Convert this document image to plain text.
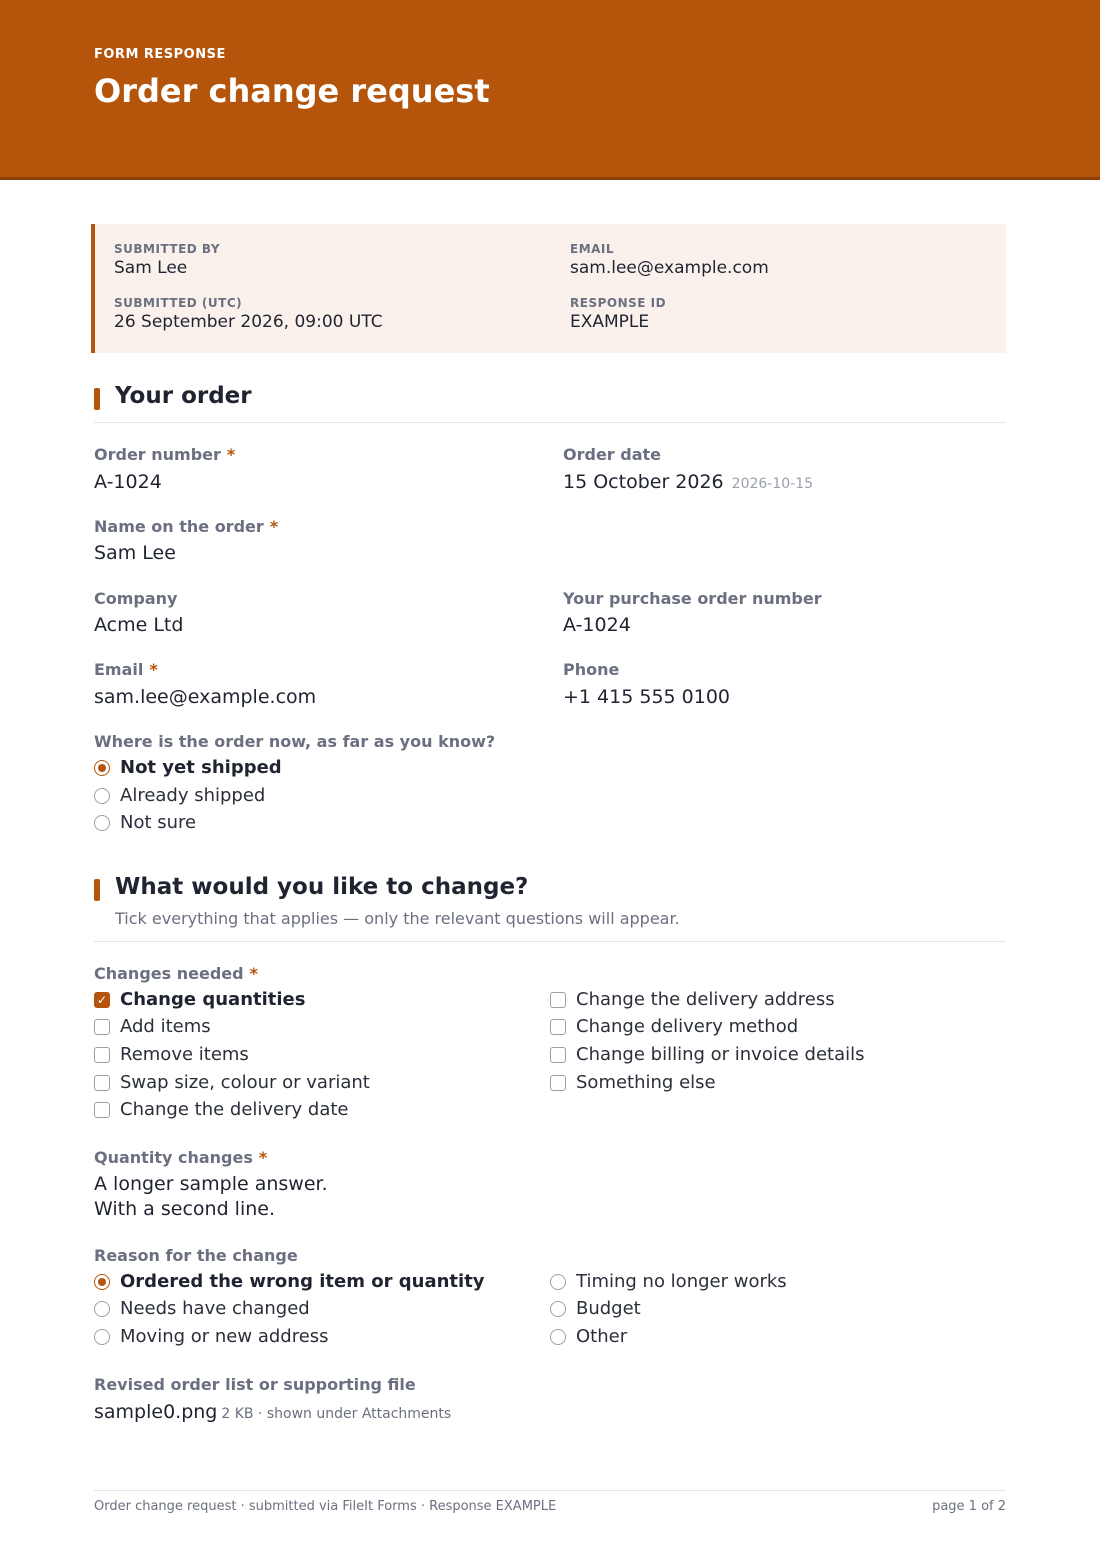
FORM RESPONSE
Order change request
SUBMITTED BY
Sam Lee
EMAIL
sam.lee@example.com
SUBMITTED (UTC)
26 September 2026, 09:00 UTC
RESPONSE ID
EXAMPLE
Your order
Order number *
A-1024
Order date
15 October 2026 2026-10-15
Name on the order *
Sam Lee
Company
Acme Ltd
Your purchase order number
A-1024
Email *
sam.lee@example.com
Phone
+1 415 555 0100
Where is the order now, as far as you know?
Not yet shipped
Already shipped
Not sure
What would you like to change?
Tick everything that applies — only the relevant questions will appear.
Changes needed *
✓ Change quantities
Add items
Remove items
Swap size, colour or variant
Change the delivery date
Change the delivery address
Change delivery method
Change billing or invoice details
Something else
Quantity changes *
A longer sample answer.
With a second line.
Reason for the change
Ordered the wrong item or quantity
Needs have changed
Moving or new address
Timing no longer works
Budget
Other
Revised order list or supporting file
sample0.png 2 KB · shown under Attachments
Order change request · submitted via FileIt Forms · Response EXAMPLE	page 1 of 2
